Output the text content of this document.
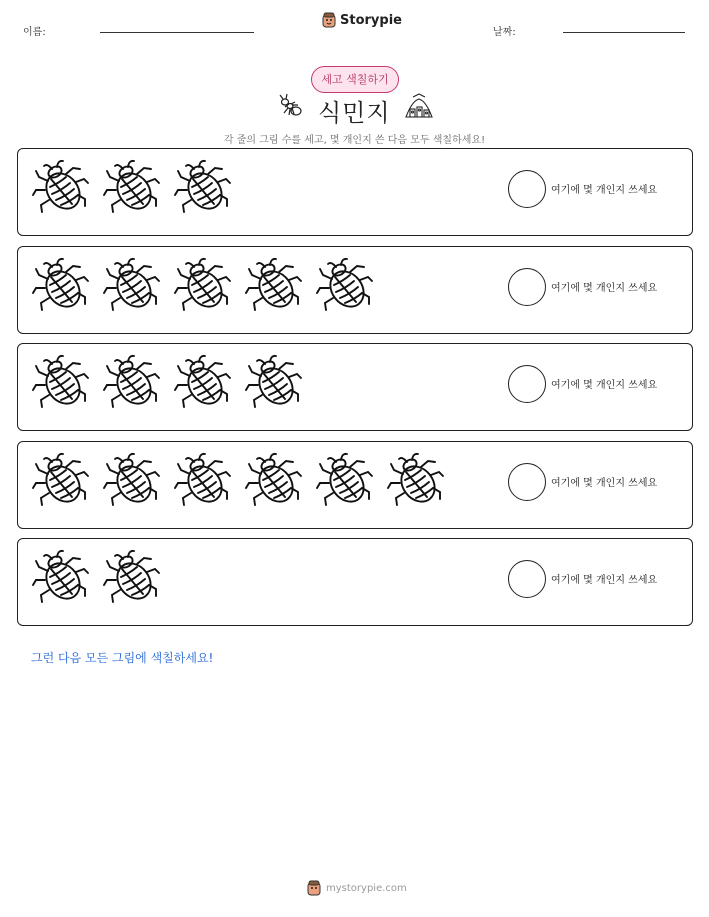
이름:
Storypie
날짜:
세고 색칠하기
식민지
각 줄의 그림 수를 세고, 몇 개인지 쓴 다음 모두 색칠하세요!
여기에 몇 개인지 쓰세요
여기에 몇 개인지 쓰세요
여기에 몇 개인지 쓰세요
여기에 몇 개인지 쓰세요
여기에 몇 개인지 쓰세요
그런 다음 모든 그림에 색칠하세요!
mystorypie.com
